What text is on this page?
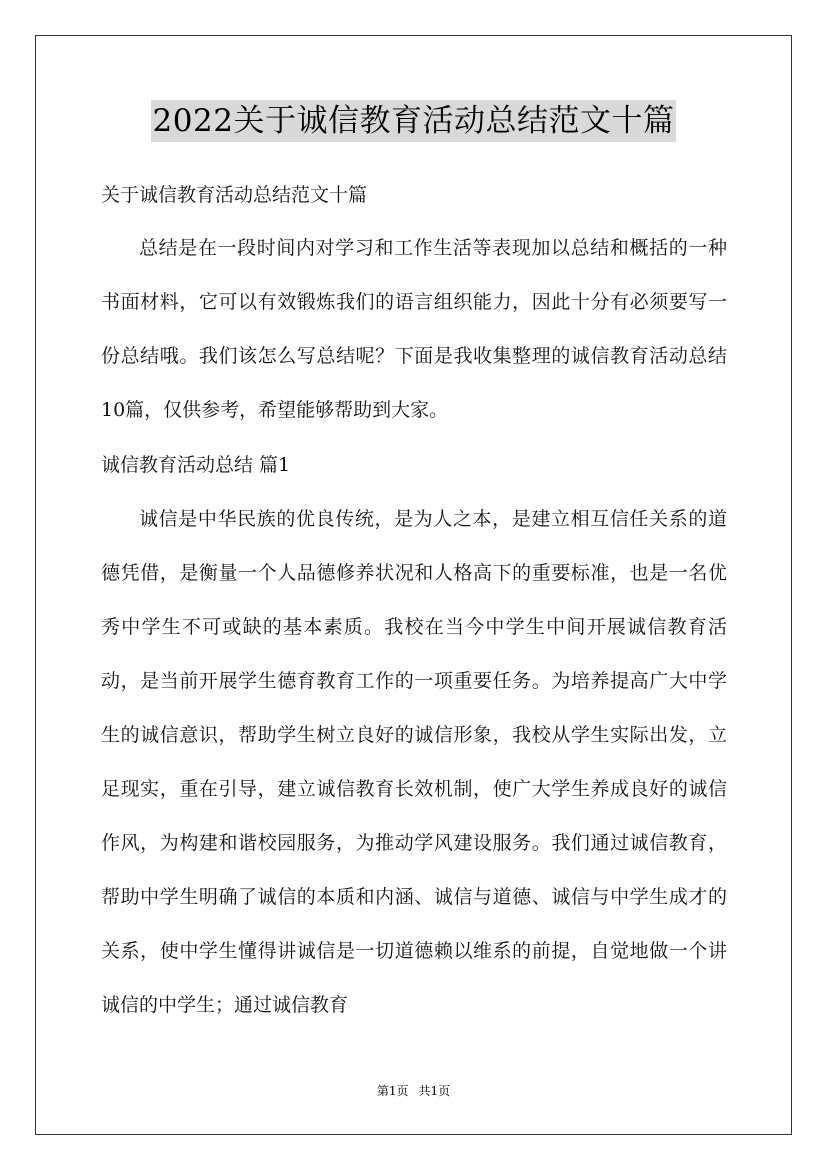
2022关于诚信教育活动总结范文十篇
关于诚信教育活动总结范文十篇

总结是在一段时间内对学习和工作生活等表现加以总结和概括的一种书面材料，它可以有效锻炼我们的语言组织能力，因此十分有必须要写一份总结哦。我们该怎么写总结呢？下面是我收集整理的诚信教育活动总结10篇，仅供参考，希望能够帮助到大家。

诚信教育活动总结 篇1

诚信是中华民族的优良传统，是为人之本，是建立相互信任关系的道德凭借，是衡量一个人品德修养状况和人格高下的重要标准，也是一名优秀中学生不可或缺的基本素质。我校在当今中学生中间开展诚信教育活动，是当前开展学生德育教育工作的一项重要任务。为培养提高广大中学生的诚信意识，帮助学生树立良好的诚信形象，我校从学生实际出发，立足现实，重在引导，建立诚信教育长效机制，使广大学生养成良好的诚信作风，为构建和谐校园服务，为推动学风建设服务。我们通过诚信教育，帮助中学生明确了诚信的本质和内涵、诚信与道德、诚信与中学生成才的关系，使中学生懂得讲诚信是一切道德赖以维系的前提，自觉地做一个讲诚信的中学生；通过诚信教育

第1页 共1页
